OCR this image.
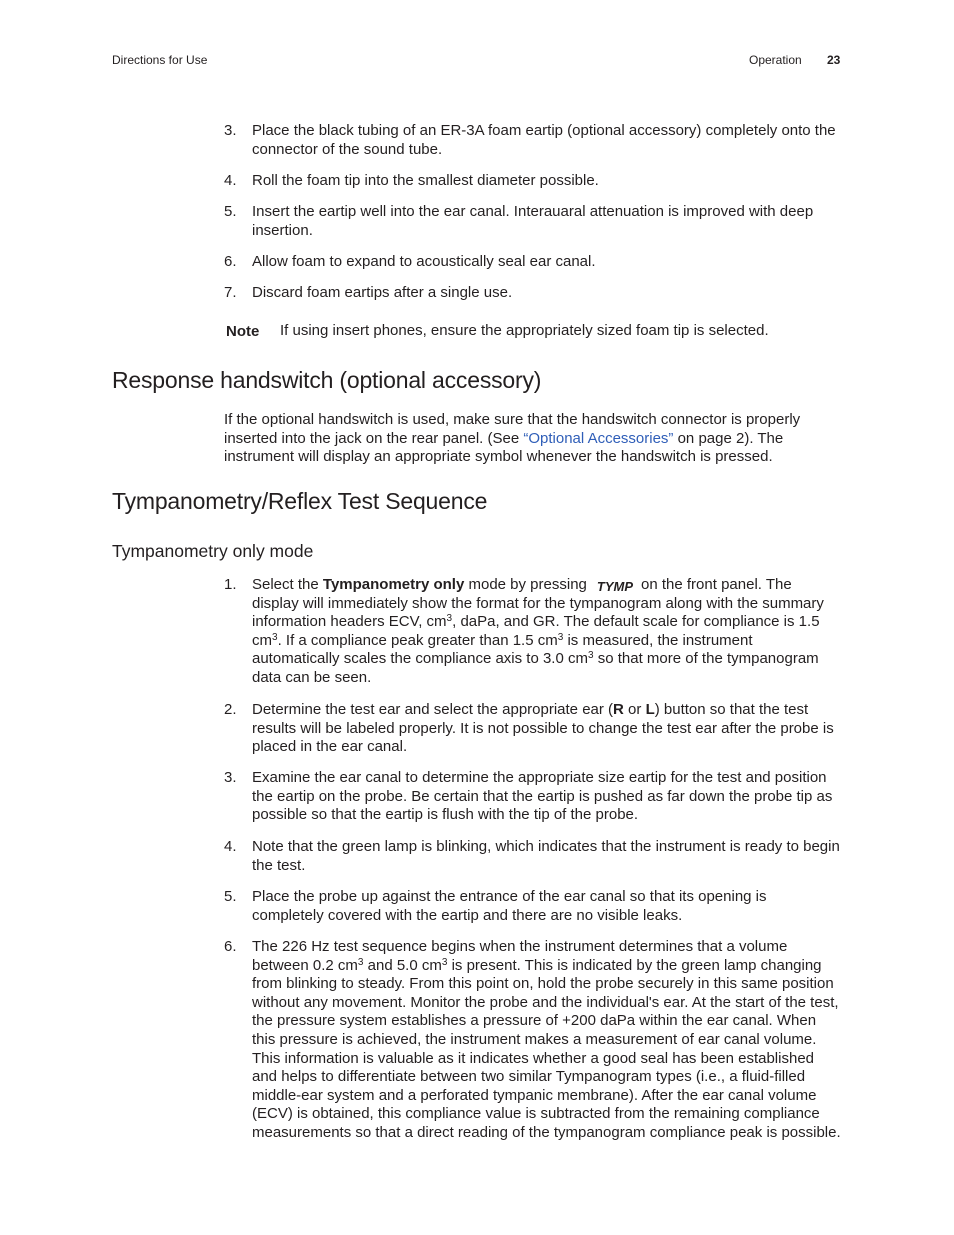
Directions for Use	Operation 23
3. Place the black tubing of an ER-3A foam eartip (optional accessory) completely onto the connector of the sound tube.
4. Roll the foam tip into the smallest diameter possible.
5. Insert the eartip well into the ear canal. Interauaral attenuation is improved with deep insertion.
6. Allow foam to expand to acoustically seal ear canal.
7. Discard foam eartips after a single use.
Note If using insert phones, ensure the appropriately sized foam tip is selected.
Response handswitch (optional accessory)
If the optional handswitch is used, make sure that the handswitch connector is properly inserted into the jack on the rear panel. (See “Optional Accessories” on page 2). The instrument will display an appropriate symbol whenever the handswitch is pressed.
Tympanometry/Reflex Test Sequence
Tympanometry only mode
1. Select the Tympanometry only mode by pressing TYMP on the front panel. The display will immediately show the format for the tympanogram along with the summary information headers ECV, $cm^3$, daPa, and GR. The default scale for compliance is 1.5 $cm^3$. If a compliance peak greater than 1.5 $cm^3$ is measured, the instrument automatically scales the compliance axis to 3.0 $cm^3$ so that more of the tympanogram data can be seen.
2. Determine the test ear and select the appropriate ear (R or L) button so that the test results will be labeled properly. It is not possible to change the test ear after the probe is placed in the ear canal.
3. Examine the ear canal to determine the appropriate size eartip for the test and position the eartip on the probe. Be certain that the eartip is pushed as far down the probe tip as possible so that the eartip is flush with the tip of the probe.
4. Note that the green lamp is blinking, which indicates that the instrument is ready to begin the test.
5. Place the probe up against the entrance of the ear canal so that its opening is completely covered with the eartip and there are no visible leaks.
6. The 226 Hz test sequence begins when the instrument determines that a volume between 0.2 $cm^3$ and 5.0 $cm^3$ is present. This is indicated by the green lamp changing from blinking to steady. From this point on, hold the probe securely in this same position without any movement. Monitor the probe and the individual's ear. At the start of the test, the pressure system establishes a pressure of +200 daPa within the ear canal. When this pressure is achieved, the instrument makes a measurement of ear canal volume. This information is valuable as it indicates whether a good seal has been established and helps to differentiate between two similar Tympanogram types (i.e., a fluid-filled middle-ear system and a perforated tympanic membrane). After the ear canal volume (ECV) is obtained, this compliance value is subtracted from the remaining compliance measurements so that a direct reading of the tympanogram compliance peak is possible.
